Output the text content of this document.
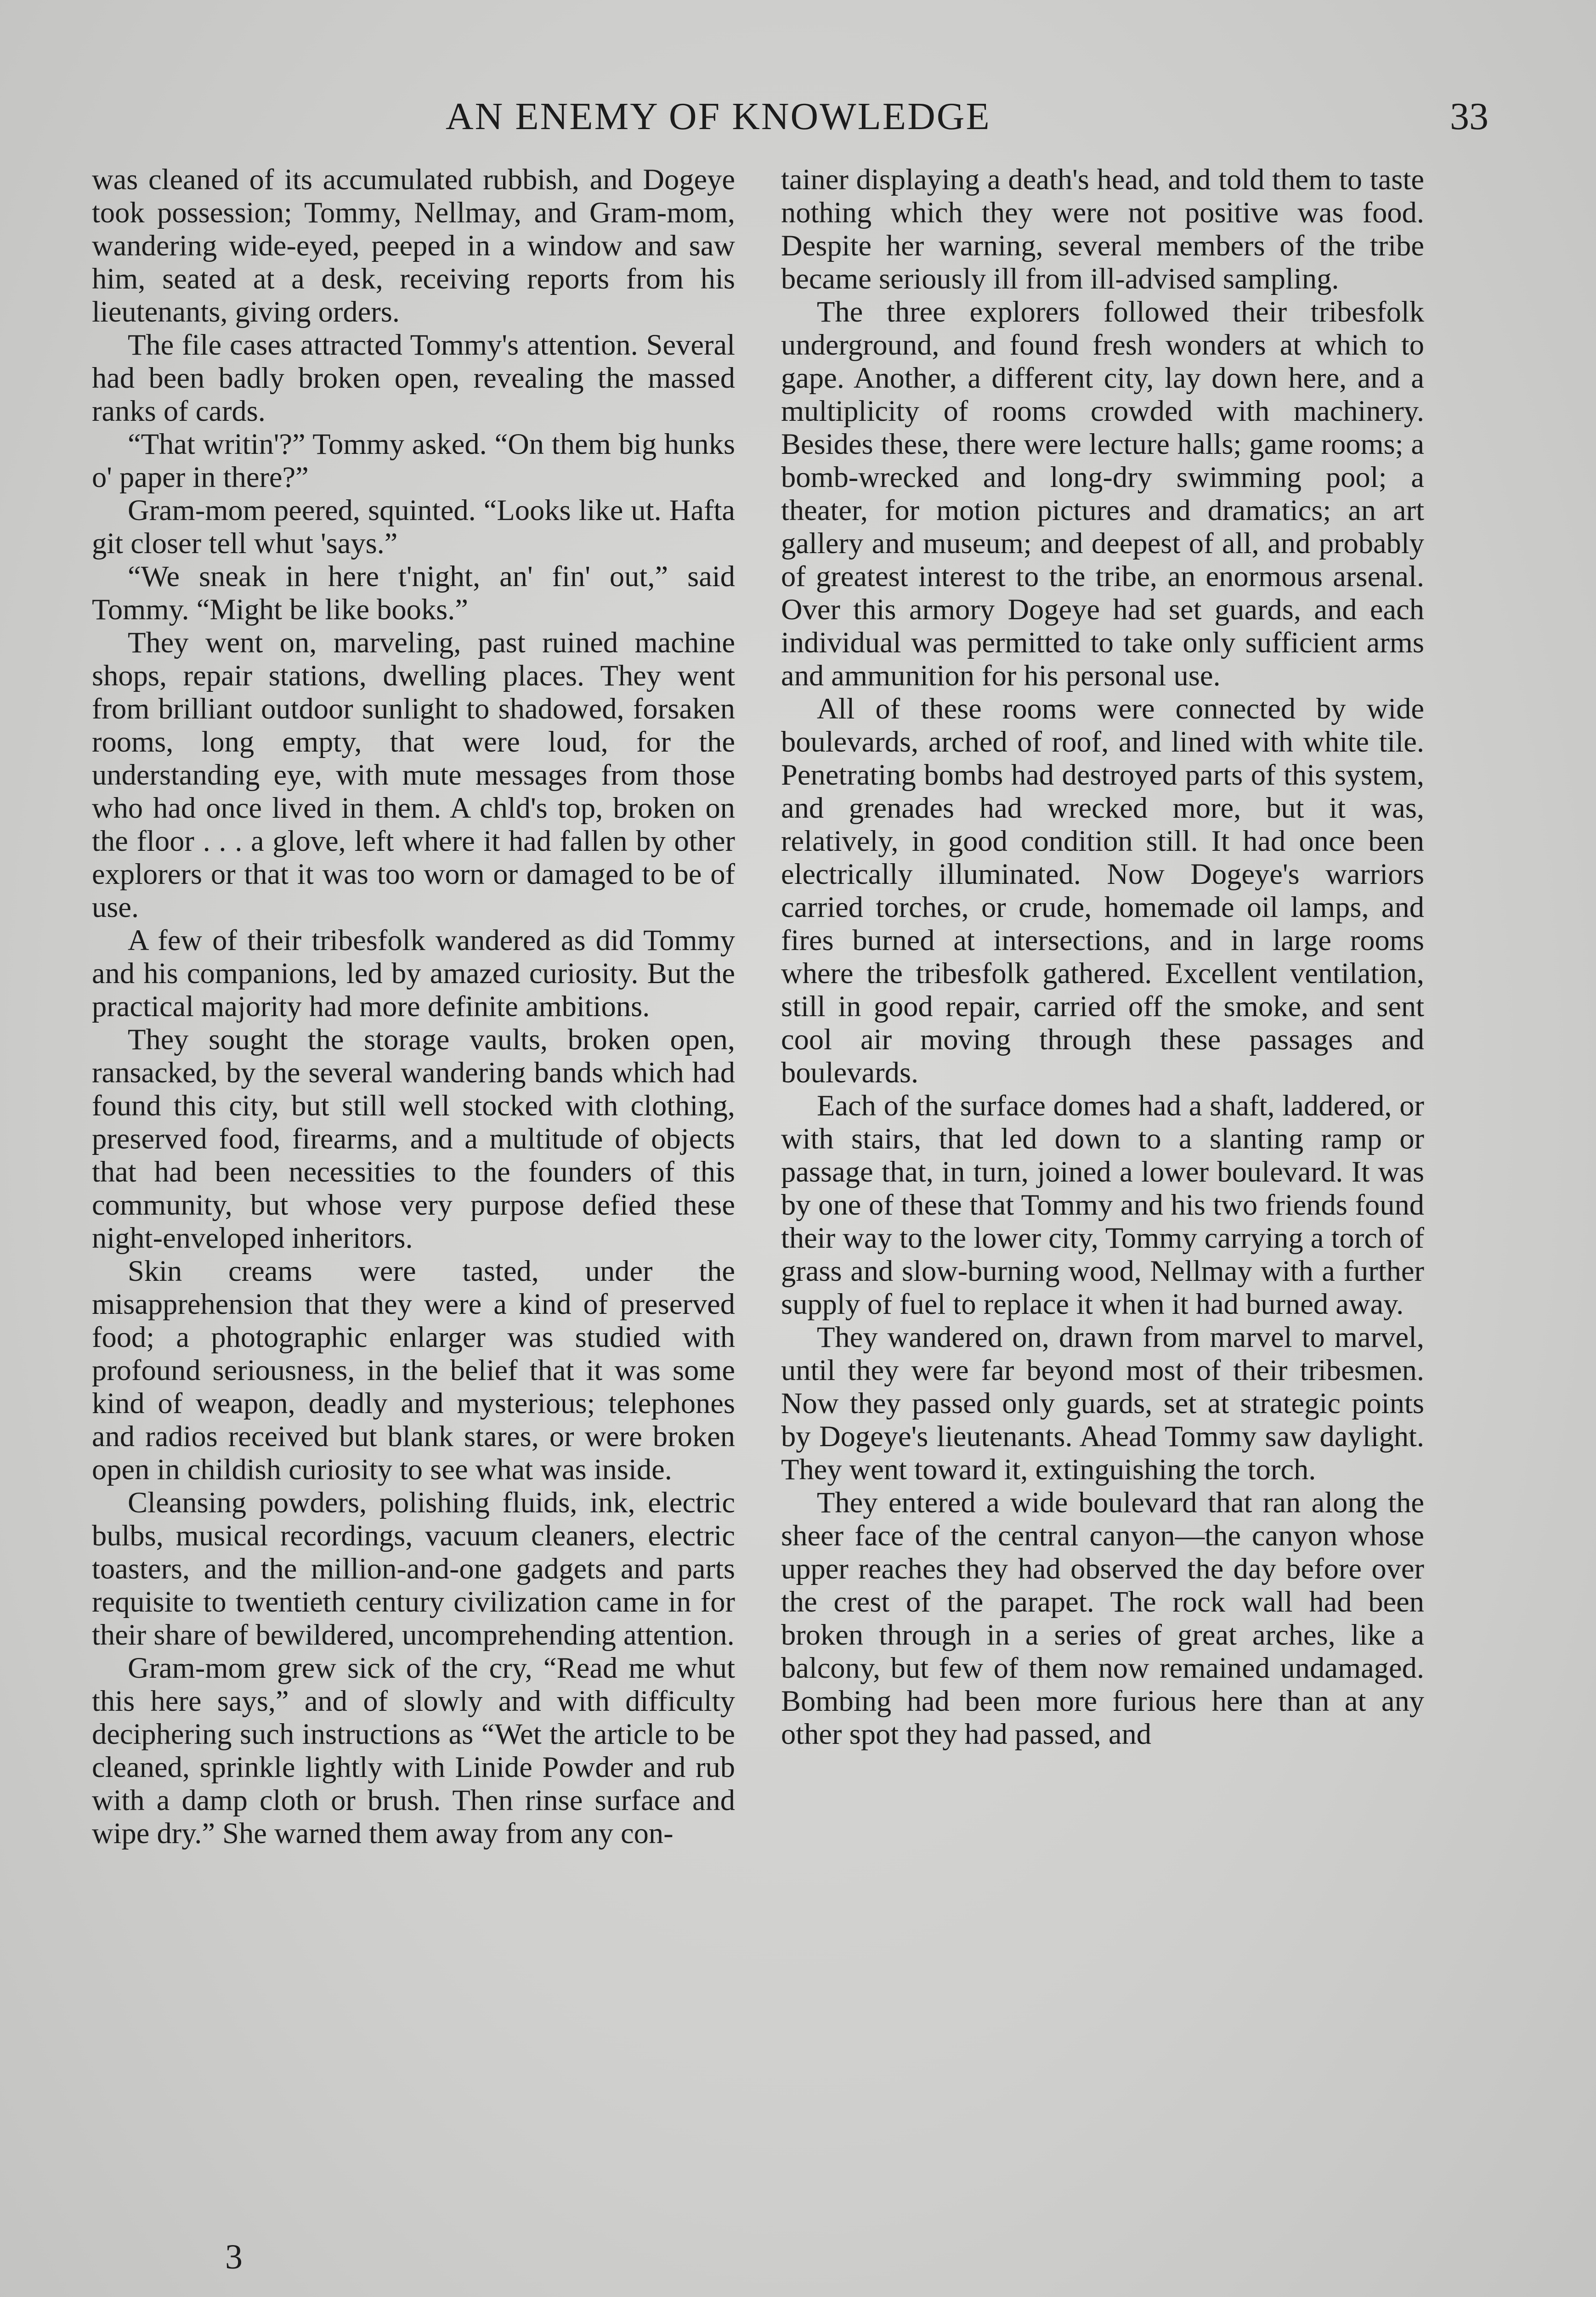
AN ENEMY OF KNOWLEDGE	33

was cleaned of its accumulated rubbish, and Dogeye took possession; Tommy, Nellmay, and Gram-mom, wandering wide-eyed, peeped in a window and saw him, seated at a desk, receiving reports from his lieutenants, giving orders.

The file cases attracted Tommy's attention. Several had been badly broken open, revealing the massed ranks of cards.

“That writin'?” Tommy asked. “On them big hunks o' paper in there?”

Gram-mom peered, squinted. “Looks like ut. Hafta git closer tell whut 'says.”

“We sneak in here t'night, an' fin' out,” said Tommy. “Might be like books.”

They went on, marveling, past ruined machine shops, repair stations, dwelling places. They went from brilliant outdoor sunlight to shadowed, forsaken rooms, long empty, that were loud, for the understanding eye, with mute messages from those who had once lived in them. A chld's top, broken on the floor . . . a glove, left where it had fallen by other explorers or that it was too worn or damaged to be of use.

A few of their tribesfolk wandered as did Tommy and his companions, led by amazed curiosity. But the practical majority had more definite ambitions.

They sought the storage vaults, broken open, ransacked, by the several wandering bands which had found this city, but still well stocked with clothing, preserved food, firearms, and a multitude of objects that had been necessities to the founders of this community, but whose very purpose defied these night-enveloped inheritors.

Skin creams were tasted, under the misapprehension that they were a kind of preserved food; a photographic enlarger was studied with profound seriousness, in the belief that it was some kind of weapon, deadly and mysterious; telephones and radios received but blank stares, or were broken open in childish curiosity to see what was inside.

Cleansing powders, polishing fluids, ink, electric bulbs, musical recordings, vacuum cleaners, electric toasters, and the million-and-one gadgets and parts requisite to twentieth century civilization came in for their share of bewildered, uncomprehending attention.

Gram-mom grew sick of the cry, “Read me whut this here says,” and of slowly and with difficulty deciphering such instructions as “Wet the article to be cleaned, sprinkle lightly with Linide Powder and rub with a damp cloth or brush. Then rinse surface and wipe dry.” She warned them away from any con-

tainer displaying a death's head, and told them to taste nothing which they were not positive was food. Despite her warning, several members of the tribe became seriously ill from ill-advised sampling.

The three explorers followed their tribesfolk underground, and found fresh wonders at which to gape. Another, a different city, lay down here, and a multiplicity of rooms crowded with machinery. Besides these, there were lecture halls; game rooms; a bomb-wrecked and long-dry swimming pool; a theater, for motion pictures and dramatics; an art gallery and museum; and deepest of all, and probably of greatest interest to the tribe, an enormous arsenal. Over this armory Dogeye had set guards, and each individual was permitted to take only sufficient arms and ammunition for his personal use.

All of these rooms were connected by wide boulevards, arched of roof, and lined with white tile. Penetrating bombs had destroyed parts of this system, and grenades had wrecked more, but it was, relatively, in good condition still. It had once been electrically illuminated. Now Dogeye's warriors carried torches, or crude, homemade oil lamps, and fires burned at intersections, and in large rooms where the tribesfolk gathered. Excellent ventilation, still in good repair, carried off the smoke, and sent cool air moving through these passages and boulevards.

Each of the surface domes had a shaft, laddered, or with stairs, that led down to a slanting ramp or passage that, in turn, joined a lower boulevard. It was by one of these that Tommy and his two friends found their way to the lower city, Tommy carrying a torch of grass and slow-burning wood, Nellmay with a further supply of fuel to replace it when it had burned away.

They wandered on, drawn from marvel to marvel, until they were far beyond most of their tribesmen. Now they passed only guards, set at strategic points by Dogeye's lieutenants. Ahead Tommy saw daylight. They went toward it, extinguishing the torch.

They entered a wide boulevard that ran along the sheer face of the central canyon—the canyon whose upper reaches they had observed the day before over the crest of the parapet. The rock wall had been broken through in a series of great arches, like a balcony, but few of them now remained undamaged. Bombing had been more furious here than at any other spot they had passed, and

3
